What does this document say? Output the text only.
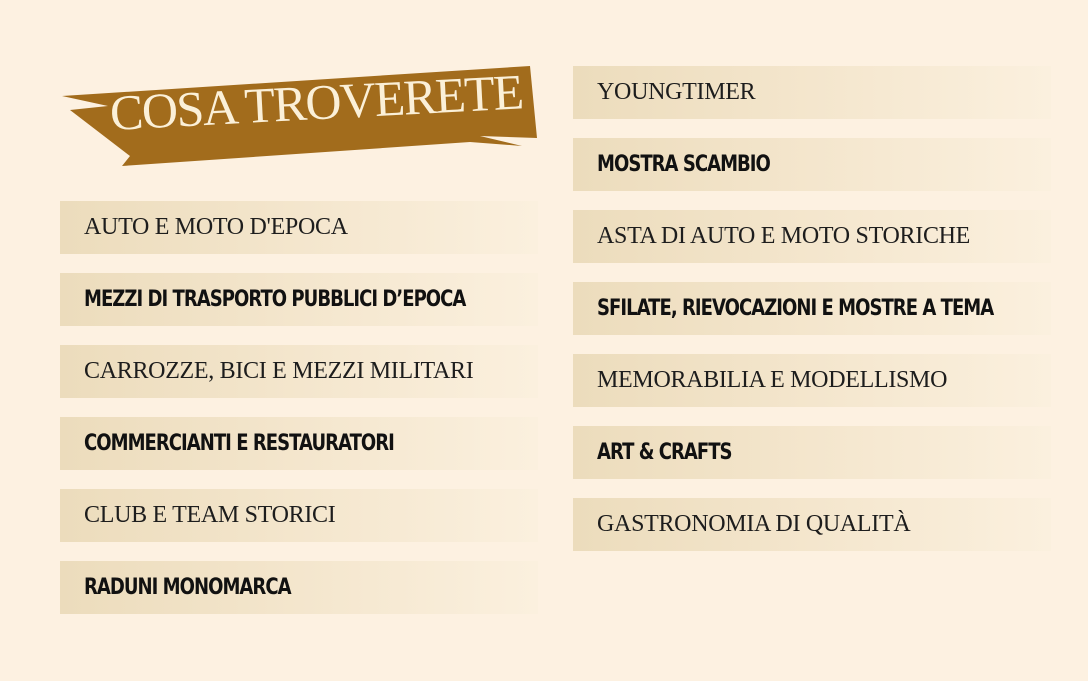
COSA TROVERETE
AUTO E MOTO D'EPOCA
MEZZI DI TRASPORTO PUBBLICI D’EPOCA
CARROZZE, BICI E MEZZI MILITARI
COMMERCIANTI E RESTAURATORI
CLUB E TEAM STORICI
RADUNI MONOMARCA
YOUNGTIMER
MOSTRA SCAMBIO
ASTA DI AUTO E MOTO STORICHE
SFILATE, RIEVOCAZIONI E MOSTRE A TEMA
MEMORABILIA E MODELLISMO
ART & CRAFTS
GASTRONOMIA DI QUALITÀ
